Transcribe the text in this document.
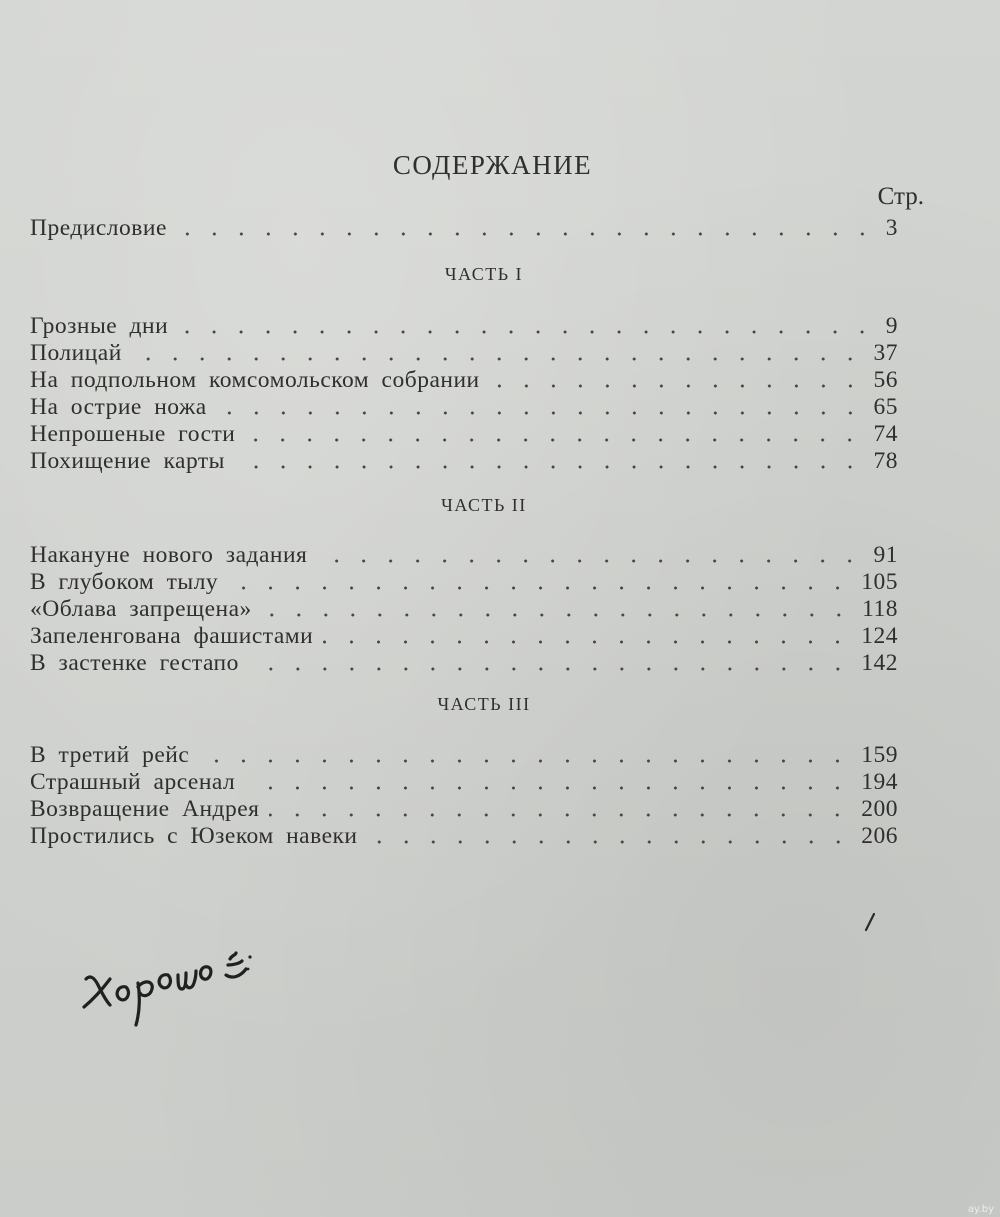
СОДЕРЖАНИЕ
Стр.
Предисловие	3
ЧАСТЬ I
Грозные дни	9
Полицай	37
На подпольном комсомольском собрании	56
На острие ножа	65
Непрошеные гости	74
Похищение карты	78
ЧАСТЬ II
Накануне нового задания	91
В глубоком тылу	105
«Облава запрещена»	118
Запеленгована фашистами	124
В застенке гестапо	142
ЧАСТЬ III
В третий рейс	159
Страшный арсенал	194
Возвращение Андрея	200
Простились с Юзеком навеки	206
ay.by
